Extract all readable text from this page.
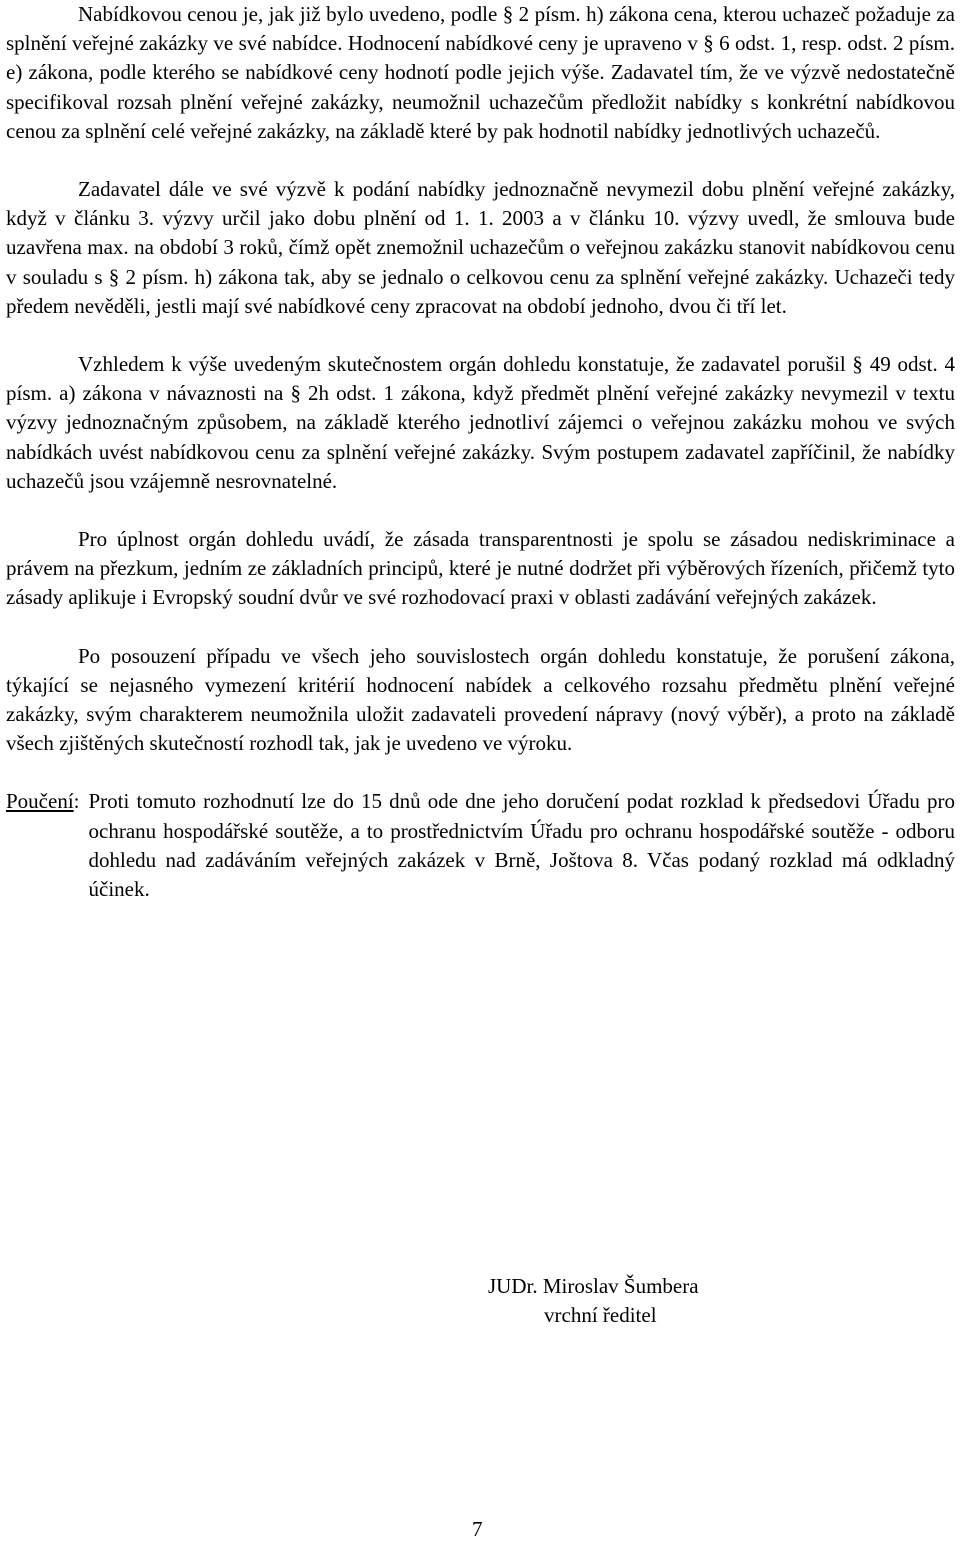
Nabídkovou cenou je, jak již bylo uvedeno, podle § 2 písm. h) zákona cena, kterou uchazeč požaduje za splnění veřejné zakázky ve své nabídce. Hodnocení nabídkové ceny je upraveno v § 6 odst. 1, resp. odst. 2 písm. e) zákona, podle kterého se nabídkové ceny hodnotí podle jejich výše. Zadavatel tím, že ve výzvě nedostatečně specifikoval rozsah plnění veřejné zakázky, neumožnil uchazečům předložit nabídky s konkrétní nabídkovou cenou za splnění celé veřejné zakázky, na základě které by pak hodnotil nabídky jednotlivých uchazečů.

Zadavatel dále ve své výzvě k podání nabídky jednoznačně nevymezil dobu plnění veřejné zakázky, když v článku 3. výzvy určil jako dobu plnění od 1. 1. 2003 a v článku 10. výzvy uvedl, že smlouva bude uzavřena max. na období 3 roků, čímž opět znemožnil uchazečům o veřejnou zakázku stanovit nabídkovou cenu v souladu s § 2 písm. h) zákona tak, aby se jednalo o celkovou cenu za splnění veřejné zakázky. Uchazeči tedy předem nevěděli, jestli mají své nabídkové ceny zpracovat na období jednoho, dvou či tří let.

Vzhledem k výše uvedeným skutečnostem orgán dohledu konstatuje, že zadavatel porušil § 49 odst. 4 písm. a) zákona v návaznosti na § 2h odst. 1 zákona, když předmět plnění veřejné zakázky nevymezil v textu výzvy jednoznačným způsobem, na základě kterého jednotliví zájemci o veřejnou zakázku mohou ve svých nabídkách uvést nabídkovou cenu za splnění veřejné zakázky. Svým postupem zadavatel zapříčinil, že nabídky uchazečů jsou vzájemně nesrovnatelné.

Pro úplnost orgán dohledu uvádí, že zásada transparentnosti je spolu se zásadou nediskriminace a právem na přezkum, jedním ze základních principů, které je nutné dodržet při výběrových řízeních, přičemž tyto zásady aplikuje i Evropský soudní dvůr ve své rozhodovací praxi v oblasti zadávání veřejných zakázek.

Po posouzení případu ve všech jeho souvislostech orgán dohledu konstatuje, že porušení zákona, týkající se nejasného vymezení kritérií hodnocení nabídek a celkového rozsahu předmětu plnění veřejné zakázky, svým charakterem neumožnila uložit zadavateli provedení nápravy (nový výběr), a proto na základě všech zjištěných skutečností rozhodl tak, jak je uvedeno ve výroku.

Poučení: Proti tomuto rozhodnutí lze do 15 dnů ode dne jeho doručení podat rozklad k předsedovi Úřadu pro ochranu hospodářské soutěže, a to prostřednictvím Úřadu pro ochranu hospodářské soutěže - odboru dohledu nad zadáváním veřejných zakázek v Brně, Joštova 8. Včas podaný rozklad má odkladný účinek.
JUDr. Miroslav Šumbera
vrchní ředitel
7
